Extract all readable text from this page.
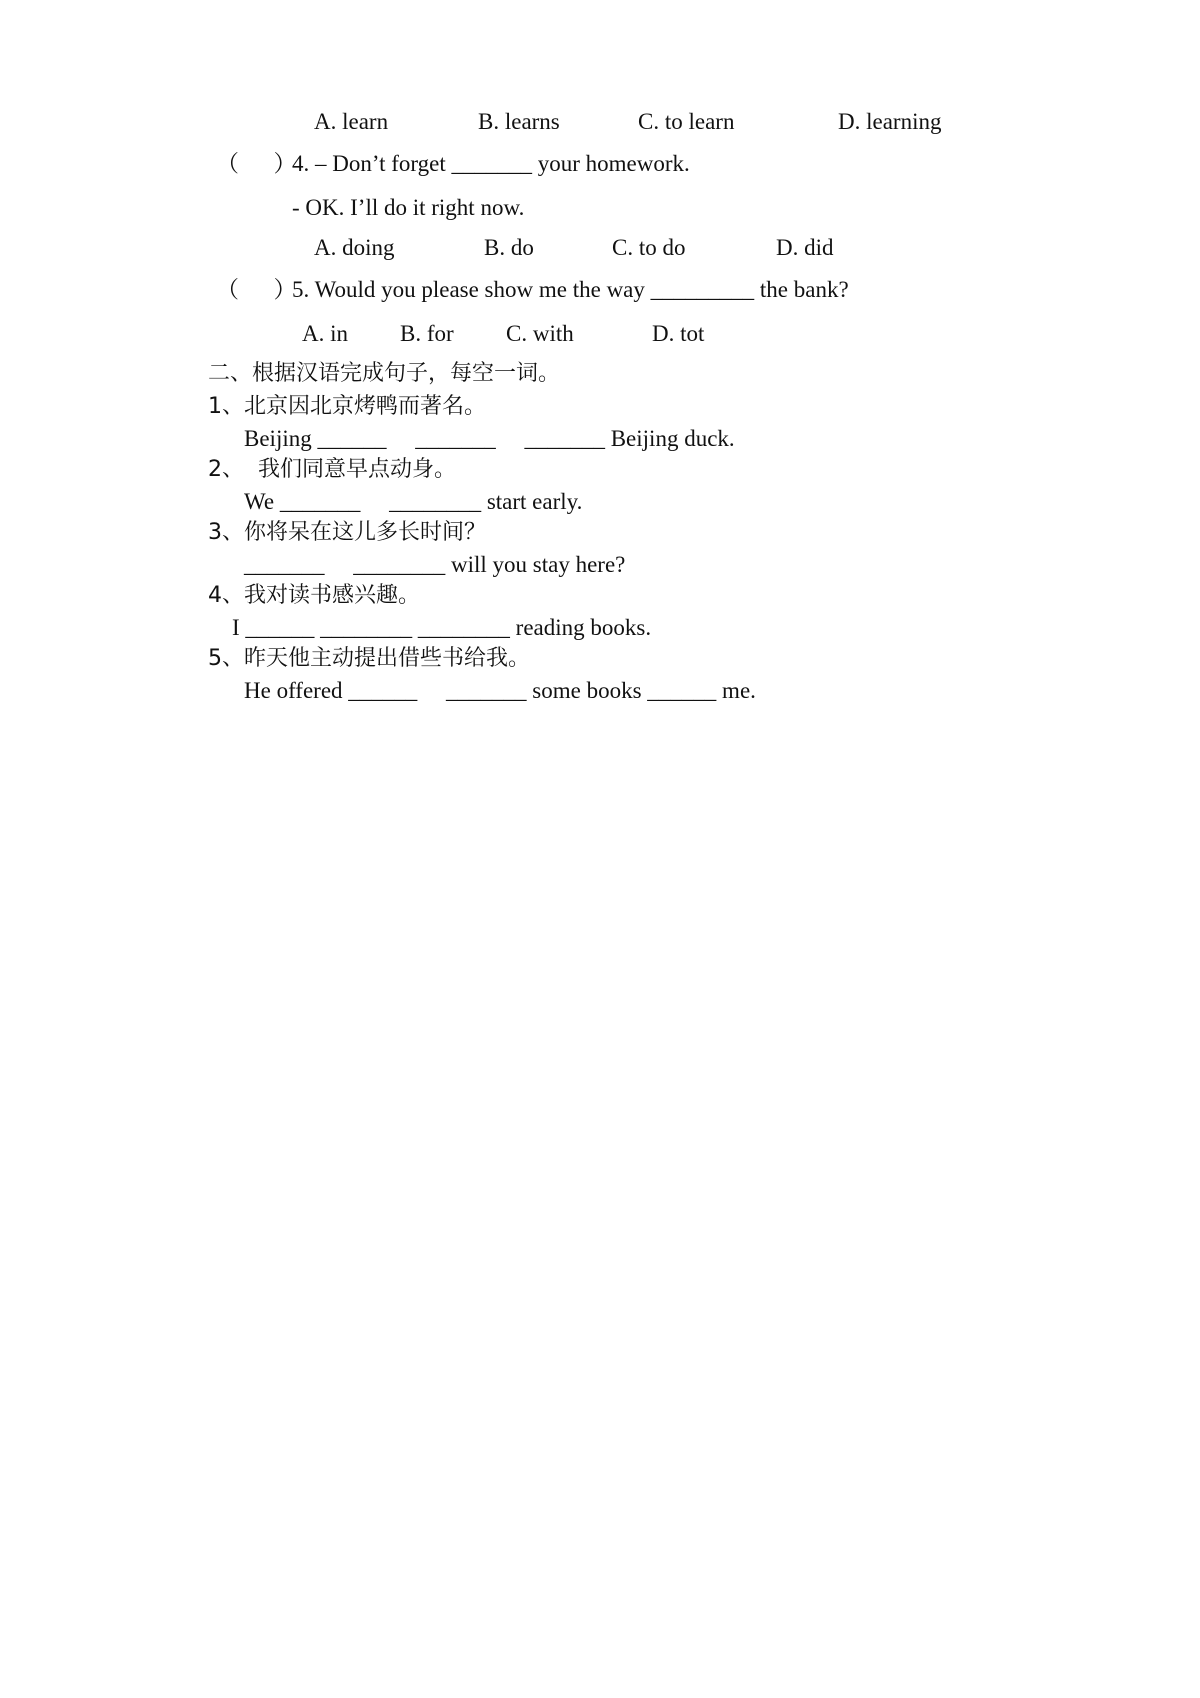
A. learn	B. learns	C. to learn	D. learning
（      ）
4. – Don’t forget _______ your homework.
- OK. I’ll do it right now.
A. doing	B. do	C. to do	D. did
（      ）
5. Would you please show me the way _________ the bank?
A. in B. for C. with	D. tot
二、根据汉语完成句子，每空一词。
1、北京因北京烤鸭而著名。
Beijing ______     _______     _______ Beijing duck.
2、  我们同意早点动身。
We _______     ________ start early.
3、你将呆在这儿多长时间？
_______     ________ will you stay here?
4、我对读书感兴趣。
I ______ ________ ________ reading books.
5、昨天他主动提出借些书给我。
He offered ______     _______ some books ______ me.
